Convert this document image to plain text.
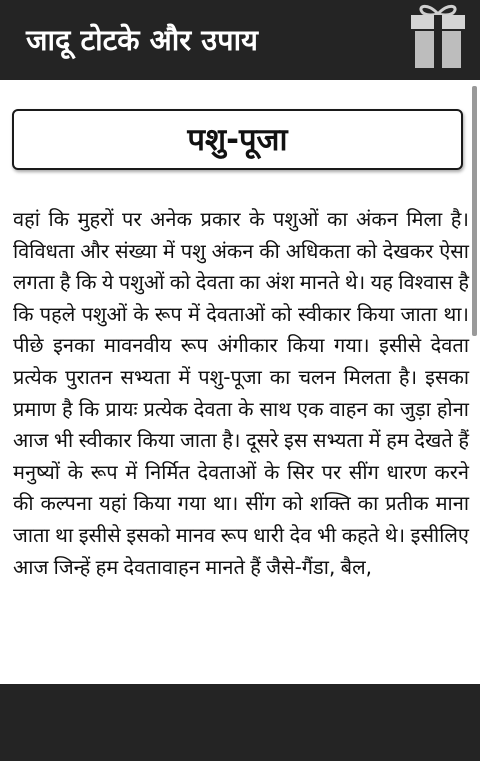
जादू टोटके और उपाय
पशु-पूजा

वहां कि मुहरों पर अनेक प्रकार के पशुओं का अंकन मिला है। विविधता और संख्या में पशु अंकन की अधिकता को देखकर ऐसा लगता है कि ये पशुओं को देवता का अंश मानते थे। यह विश्वास है कि पहले पशुओं के रूप में देवताओं को स्वीकार किया जाता था। पीछे इनका मावनवीय रूप अंगीकार किया गया। इसीसे देवता प्रत्येक पुरातन सभ्यता में पशु-पूजा का चलन मिलता है। इसका प्रमाण है कि प्रायः प्रत्येक देवता के साथ एक वाहन का जुड़ा होना आज भी स्वीकार किया जाता है। दूसरे इस सभ्यता में हम देखते हैं मनुष्यों के रूप में निर्मित देवताओं के सिर पर सींग धारण करने की कल्पना यहां किया गया था। सींग को शक्ति का प्रतीक माना जाता था इसीसे इसको मानव रूप धारी देव भी कहते थे। इसीलिए आज जिन्हें हम देवतावाहन मानते हैं जैसे-गैंडा, बैल,
